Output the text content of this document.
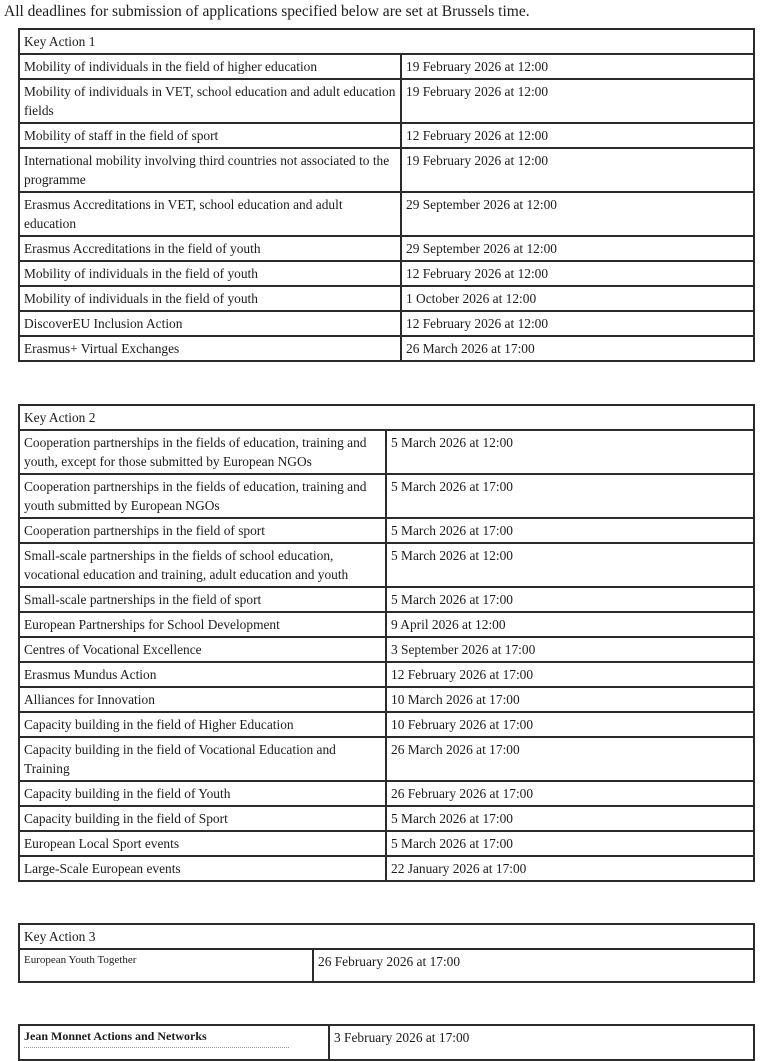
All deadlines for submission of applications specified below are set at Brussels time.

Key Action 1	
Mobility of individuals in the field of higher education	19 February 2026 at 12:00
Mobility of individuals in VET, school education and adult education fields	19 February 2026 at 12:00
Mobility of staff in the field of sport	12 February 2026 at 12:00
International mobility involving third countries not associated to the programme	19 February 2026 at 12:00
Erasmus Accreditations in VET, school education and adult education	29 September 2026 at 12:00
Erasmus Accreditations in the field of youth	29 September 2026 at 12:00
Mobility of individuals in the field of youth	12 February 2026 at 12:00
Mobility of individuals in the field of youth	1 October 2026 at 12:00
DiscoverEU Inclusion Action	12 February 2026 at 12:00
Erasmus+ Virtual Exchanges	26 March 2026 at 17:00
Key Action 2	
Cooperation partnerships in the fields of education, training and youth, except for those submitted by European NGOs	5 March 2026 at 12:00
Cooperation partnerships in the fields of education, training and youth submitted by European NGOs	5 March 2026 at 17:00
Cooperation partnerships in the field of sport	5 March 2026 at 17:00
Small-scale partnerships in the fields of school education, vocational education and training, adult education and youth	5 March 2026 at 12:00
Small-scale partnerships in the field of sport	5 March 2026 at 17:00
European Partnerships for School Development	9 April 2026 at 12:00
Centres of Vocational Excellence	3 September 2026 at 17:00
Erasmus Mundus Action	12 February 2026 at 17:00
Alliances for Innovation	10 March 2026 at 17:00
Capacity building in the field of Higher Education	10 February 2026 at 17:00
Capacity building in the field of Vocational Education and Training	26 March 2026 at 17:00
Capacity building in the field of Youth	26 February 2026 at 17:00
Capacity building in the field of Sport	5 March 2026 at 17:00
European Local Sport events	5 March 2026 at 17:00
Large-Scale European events	22 January 2026 at 17:00
Key Action 3
European Youth Together	26 February 2026 at 17:00
Jean Monnet Actions and Networks	3 February 2026 at 17:00
